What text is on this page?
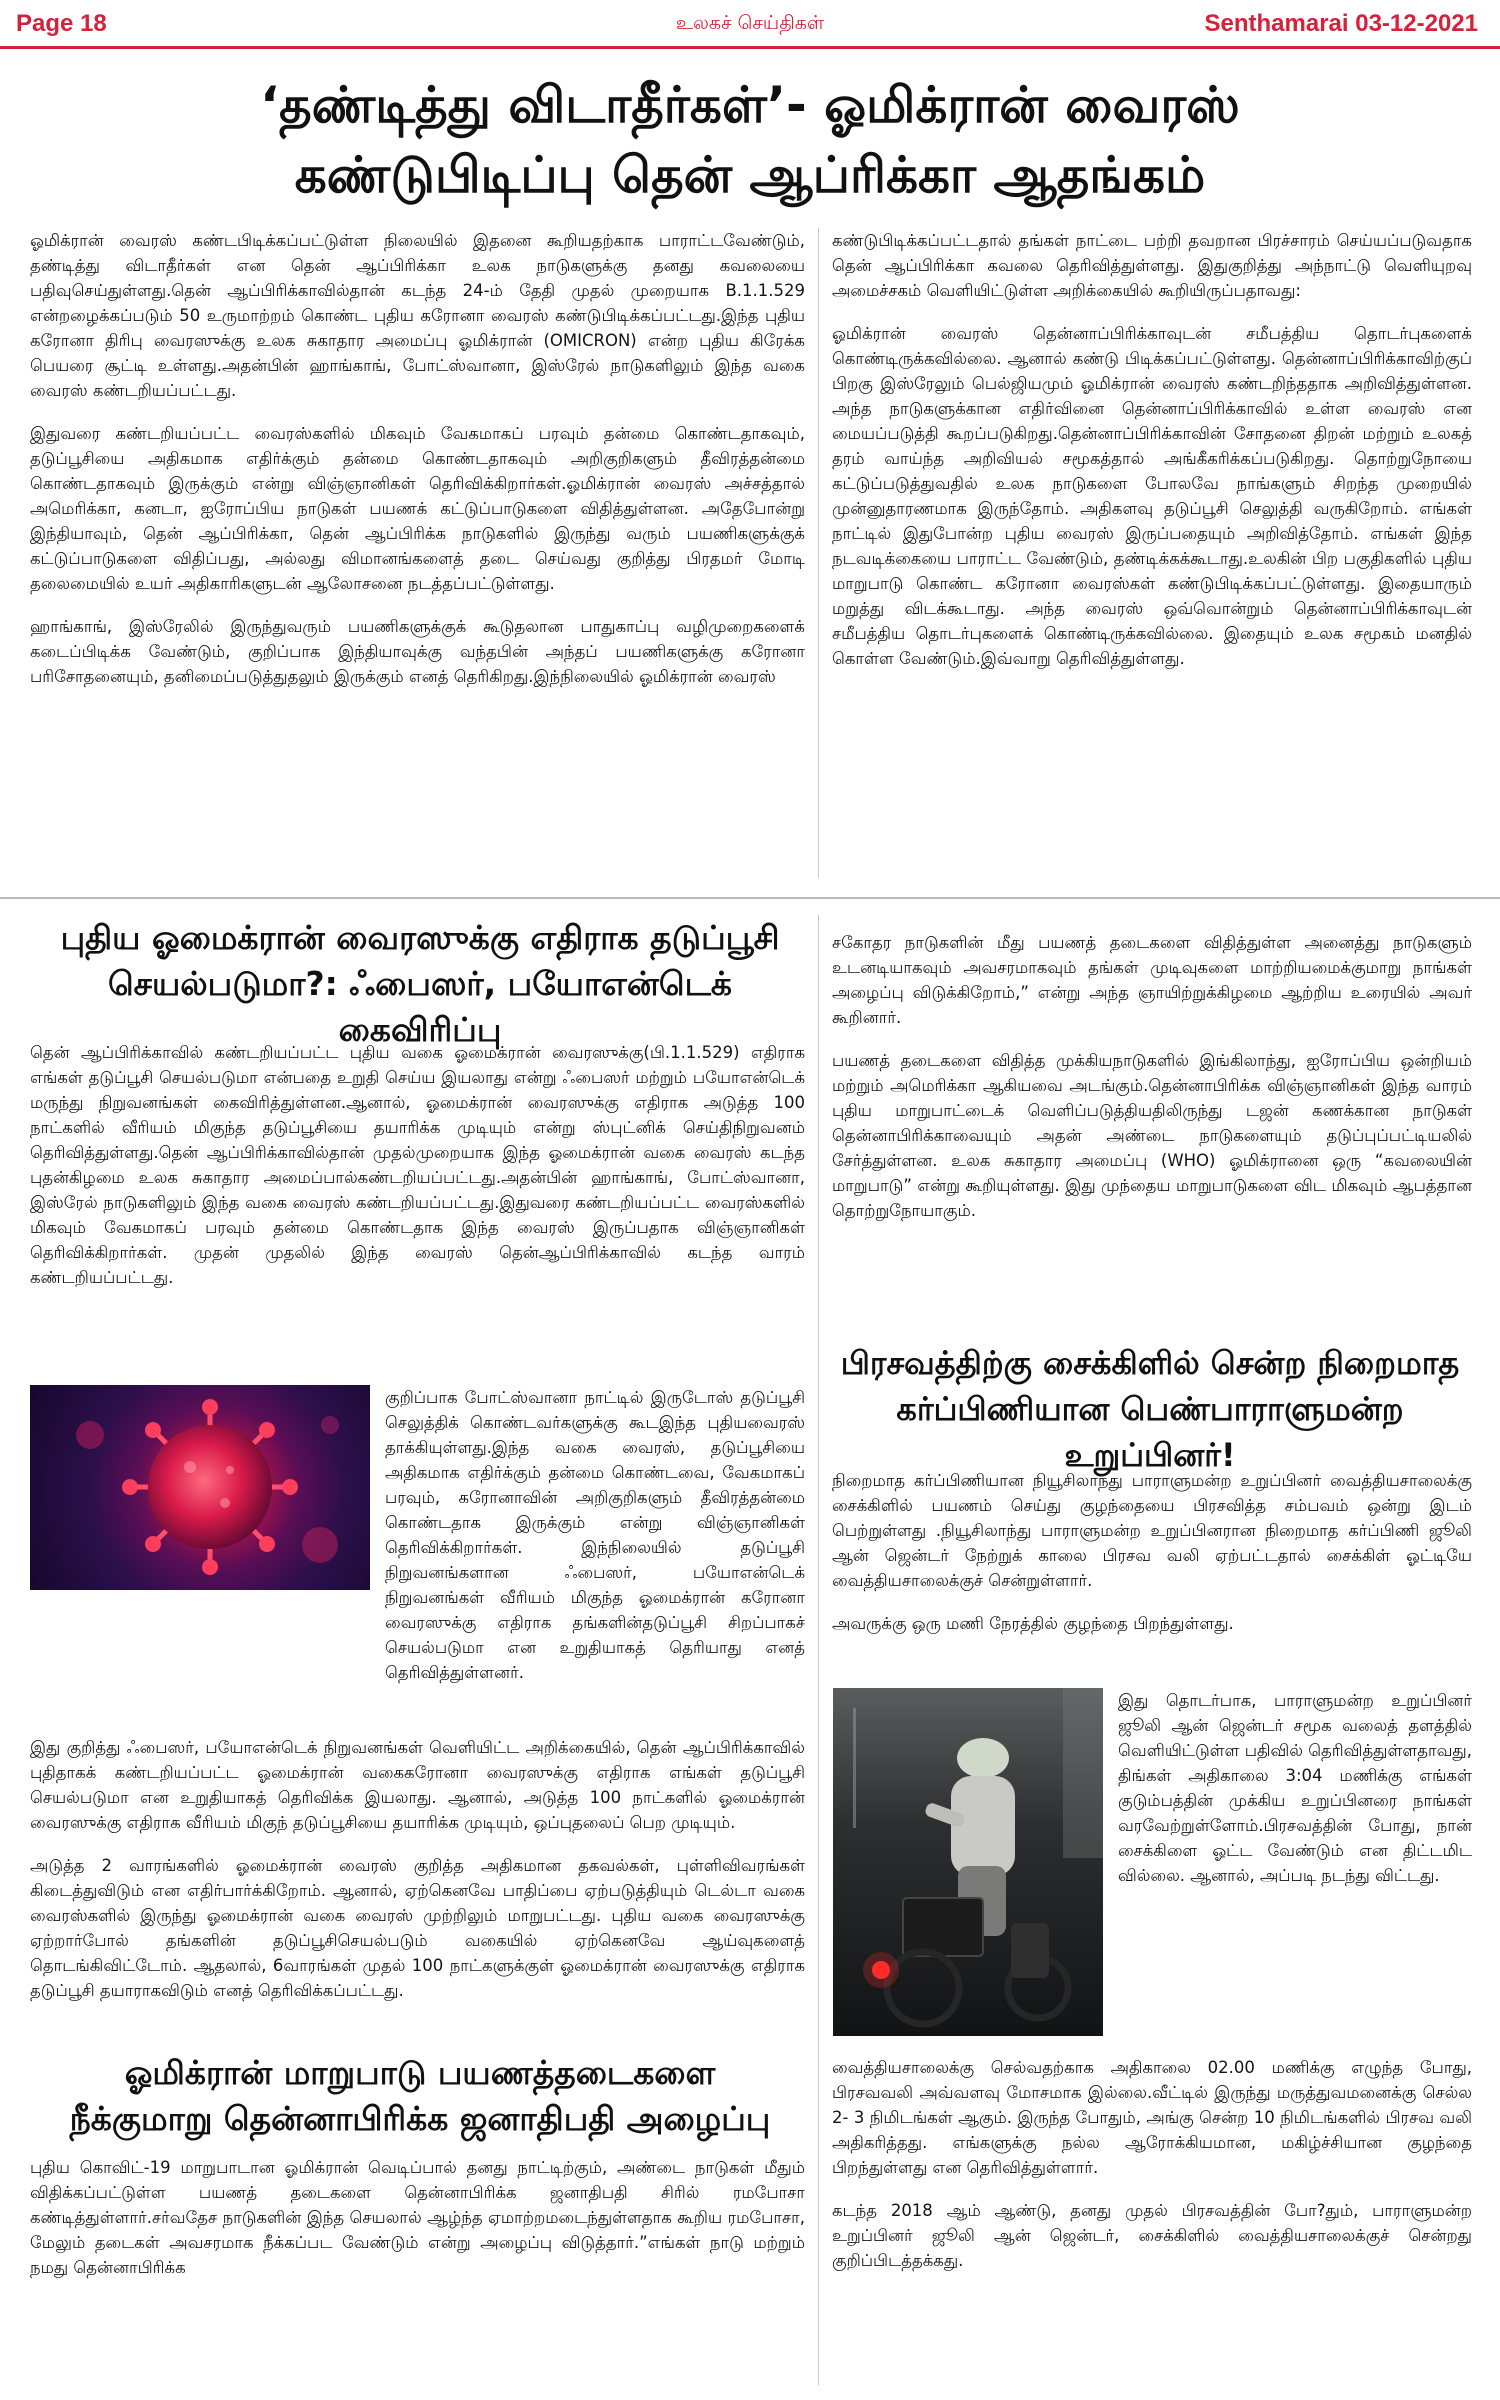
Page 18	உலகச் செய்திகள்	Senthamarai 03-12-2021
‘தண்டித்து விடாதீர்கள்’- ஓமிக்ரான் வைரஸ்
கண்டுபிடிப்பு தென் ஆப்ரிக்கா ஆதங்கம்

ஓமிக்ரான் வைரஸ் கண்டபிடிக்கப்பட்டுள்ள நிலையில் இதனை கூறியதற்காக பாராட்டவேண்டும், தண்டித்து விடாதீர்கள் என தென் ஆப்பிரிக்கா உலக நாடுகளுக்கு தனது கவலையை பதிவுசெய்துள்ளது.தென் ஆப்பிரிக்காவில்தான் கடந்த 24-ம் தேதி முதல் முறையாக B.1.1.529 என்றழைக்கப்படும் 50 உருமாற்றம் கொண்ட புதிய கரோனா வைரஸ் கண்டுபிடிக்கப்பட்டது.இந்த புதிய கரோனா திரிபு வைரஸுக்கு உலக சுகாதார அமைப்பு ஓமிக்ரான் (OMICRON) என்ற புதிய கிரேக்க பெயரை சூட்டி உள்ளது.அதன்பின் ஹாங்காங், போட்ஸ்வானா, இஸ்ரேல் நாடுகளிலும் இந்த வகை வைரஸ் கண்டறியப்பட்டது.

இதுவரை கண்டறியப்பட்ட வைரஸ்களில் மிகவும் வேகமாகப் பரவும் தன்மை கொண்டதாகவும், தடுப்பூசியை அதிகமாக எதிர்க்கும் தன்மை கொண்டதாகவும் அறிகுறிகளும் தீவிரத்தன்மை கொண்டதாகவும் இருக்கும் என்று விஞ்ஞானிகள் தெரிவிக்கிறார்கள்.ஓமிக்ரான் வைரஸ் அச்சத்தால் அமெரிக்கா, கனடா, ஐரோப்பிய நாடுகள் பயணக் கட்டுப்பாடுகளை விதித்துள்ளன. அதேபோன்று இந்தியாவும், தென் ஆப்பிரிக்கா, தென் ஆப்பிரிக்க நாடுகளில் இருந்து வரும் பயணிகளுக்குக் கட்டுப்பாடுகளை விதிப்பது, அல்லது விமானங்களைத் தடை செய்வது குறித்து பிரதமர் மோடி தலைமையில் உயர் அதிகாரிகளுடன் ஆலோசனை நடத்தப்பட்டுள்ளது.

ஹாங்காங், இஸ்ரேலில் இருந்துவரும் பயணிகளுக்குக் கூடுதலான பாதுகாப்பு வழிமுறைகளைக் கடைப்பிடிக்க வேண்டும், குறிப்பாக இந்தியாவுக்கு வந்தபின் அந்தப் பயணிகளுக்கு கரோனா பரிசோதனையும், தனிமைப்படுத்துதலும் இருக்கும் எனத் தெரிகிறது.இந்நிலையில் ஓமிக்ரான் வைரஸ்

கண்டுபிடிக்கப்பட்டதால் தங்கள் நாட்டை பற்றி தவறான பிரச்சாரம் செய்யப்படுவதாக தென் ஆப்பிரிக்கா கவலை தெரிவித்துள்ளது. இதுகுறித்து அந்நாட்டு வெளியுறவு அமைச்சகம் வெளியிட்டுள்ள அறிக்கையில் கூறியிருப்பதாவது:

ஓமிக்ரான் வைரஸ் தென்னாப்பிரிக்காவுடன் சமீபத்திய தொடர்புகளைக் கொண்டிருக்கவில்லை. ஆனால் கண்டு பிடிக்கப்பட்டுள்ளது. தென்னாப்பிரிக்காவிற்குப் பிறகு இஸ்ரேலும் பெல்ஜியமும் ஓமிக்ரான் வைரஸ் கண்டறிந்ததாக அறிவித்துள்ளன. அந்த நாடுகளுக்கான எதிர்வினை தென்னாப்பிரிக்காவில் உள்ள வைரஸ் என மையப்படுத்தி கூறப்படுகிறது.தென்னாப்பிரிக்காவின் சோதனை திறன் மற்றும் உலகத் தரம் வாய்ந்த அறிவியல் சமூகத்தால் அங்கீகரிக்கப்படுகிறது. தொற்றுநோயை கட்டுப்படுத்துவதில் உலக நாடுகளை போலவே நாங்களும் சிறந்த முறையில் முன்னுதாரணமாக இருந்தோம். அதிகளவு தடுப்பூசி செலுத்தி வருகிறோம். எங்கள் நாட்டில் இதுபோன்ற புதிய வைரஸ் இருப்பதையும் அறிவித்தோம். எங்கள் இந்த நடவடிக்கையை பாராட்ட வேண்டும், தண்டிக்கக்கூடாது.உலகின் பிற பகுதிகளில் புதிய மாறுபாடு கொண்ட கரோனா வைரஸ்கள் கண்டுபிடிக்கப்பட்டுள்ளது. இதையாரும் மறுத்து விடக்கூடாது. அந்த வைரஸ் ஒவ்வொன்றும் தென்னாப்பிரிக்காவுடன் சமீபத்திய தொடர்புகளைக் கொண்டிருக்கவில்லை. இதையும் உலக சமூகம் மனதில் கொள்ள வேண்டும்.இவ்வாறு தெரிவித்துள்ளது.

புதிய ஓமைக்ரான் வைரஸுக்கு எதிராக தடுப்பூசி
செயல்படுமா?: ஃபைஸர், பயோஎன்டெக் கைவிரிப்பு

தென் ஆப்பிரிக்காவில் கண்டறியப்பட்ட புதிய வகை ஓமைக்ரான் வைரஸுக்கு(பி.1.1.529) எதிராக எங்கள் தடுப்பூசி செயல்படுமா என்பதை உறுதி செய்ய இயலாது என்று ஃபைஸர் மற்றும் பயோஎன்டெக் மருந்து நிறுவனங்கள் கைவிரித்துள்ளன.ஆனால், ஓமைக்ரான் வைரஸுக்கு எதிராக அடுத்த 100 நாட்களில் வீரியம் மிகுந்த தடுப்பூசியை தயாரிக்க முடியும் என்று ஸ்புட்னிக் செய்திநிறுவனம் தெரிவித்துள்ளது.தென் ஆப்பிரிக்காவில்தான் முதல்முறையாக இந்த ஓமைக்ரான் வகை வைரஸ் கடந்த புதன்கிழமை உலக சுகாதார அமைப்பால்கண்டறியப்பட்டது.அதன்பின் ஹாங்காங், போட்ஸ்வானா, இஸ்ரேல் நாடுகளிலும் இந்த வகை வைரஸ் கண்டறியப்பட்டது.இதுவரை கண்டறியப்பட்ட வைரஸ்களில் மிகவும் வேகமாகப் பரவும் தன்மை கொண்டதாக இந்த வைரஸ் இருப்பதாக விஞ்ஞானிகள் தெரிவிக்கிறார்கள். முதன் முதலில் இந்த வைரஸ் தென்ஆப்பிரிக்காவில் கடந்த வாரம் கண்டறியப்பட்டது.

குறிப்பாக போட்ஸ்வானா நாட்டில் இருடோஸ் தடுப்பூசி செலுத்திக் கொண்டவர்களுக்கு கூடஇந்த புதியவைரஸ் தாக்கியுள்ளது.இந்த வகை வைரஸ், தடுப்பூசியை அதிகமாக எதிர்க்கும் தன்மை கொண்டவை, வேகமாகப் பரவும், கரோனாவின் அறிகுறிகளும் தீவிரத்தன்மை கொண்டதாக இருக்கும் என்று விஞ்ஞானிகள் தெரிவிக்கிறார்கள். இந்நிலையில் தடுப்பூசி நிறுவனங்களான ஃபைஸர், பயோஎன்டெக் நிறுவனங்கள் வீரியம் மிகுந்த ஓமைக்ரான் கரோனா வைரஸுக்கு எதிராக தங்களின்தடுப்பூசி சிறப்பாகச் செயல்படுமா என உறுதியாகத் தெரியாது எனத் தெரிவித்துள்ளனர்.

இது குறித்து ஃபைஸர், பயோஎன்டெக் நிறுவனங்கள் வெளியிட்ட அறிக்கையில், தென் ஆப்பிரிக்காவில் புதிதாகக் கண்டறியப்பட்ட ஓமைக்ரான் வகைகரோனா வைரஸுக்கு எதிராக எங்கள் தடுப்பூசி செயல்படுமா என உறுதியாகத் தெரிவிக்க இயலாது. ஆனால், அடுத்த 100 நாட்களில் ஓமைக்ரான் வைரஸுக்கு எதிராக வீரியம் மிகுந் தடுப்பூசியை தயாரிக்க முடியும், ஒப்புதலைப் பெற முடியும்.

அடுத்த 2 வாரங்களில் ஓமைக்ரான் வைரஸ் குறித்த அதிகமான தகவல்கள், புள்ளிவிவரங்கள் கிடைத்துவிடும் என எதிர்பார்க்கிறோம். ஆனால், ஏற்கெனவே பாதிப்பை ஏற்படுத்தியும் டெல்டா வகை வைரஸ்களில் இருந்து ஓமைக்ரான் வகை வைரஸ் முற்றிலும் மாறுபட்டது. புதிய வகை வைரஸுக்கு ஏற்றார்போல் தங்களின் தடுப்பூசிசெயல்படும் வகையில் ஏற்கெனவே ஆய்வுகளைத் தொடங்கிவிட்டோம். ஆதலால், 6வாரங்கள் முதல் 100 நாட்களுக்குள் ஓமைக்ரான் வைரஸுக்கு எதிராக தடுப்பூசி தயாராகவிடும் எனத் தெரிவிக்கப்பட்டது.

ஓமிக்ரான் மாறுபாடு பயணத்தடைகளை
நீக்குமாறு தென்னாபிரிக்க ஜனாதிபதி அழைப்பு

புதிய கொவிட்-19 மாறுபாடான ஓமிக்ரான் வெடிப்பால் தனது நாட்டிற்கும், அண்டை நாடுகள் மீதும் விதிக்கப்பட்டுள்ள பயணத் தடைகளை தென்னாபிரிக்க ஜனாதிபதி சிரில் ரமபோசா கண்டித்துள்ளார்.சர்வதேச நாடுகளின் இந்த செயலால் ஆழ்ந்த ஏமாற்றமடைந்துள்ளதாக கூறிய ரமபோசா, மேலும் தடைகள் அவசரமாக நீக்கப்பட வேண்டும் என்று அழைப்பு விடுத்தார்.”எங்கள் நாடு மற்றும் நமது தென்னாபிரிக்க

சகோதர நாடுகளின் மீது பயணத் தடைகளை விதித்துள்ள அனைத்து நாடுகளும் உடனடியாகவும் அவசரமாகவும் தங்கள் முடிவுகளை மாற்றியமைக்குமாறு நாங்கள் அழைப்பு விடுக்கிறோம்,” என்று அந்த ஞாயிற்றுக்கிழமை ஆற்றிய உரையில் அவர் கூறினார்.

பயணத் தடைகளை விதித்த முக்கியநாடுகளில் இங்கிலாந்து, ஐரோப்பிய ஒன்றியம் மற்றும் அமெரிக்கா ஆகியவை அடங்கும்.தென்னாபிரிக்க விஞ்ஞானிகள் இந்த வாரம் புதிய மாறுபாட்டைக் வெளிப்படுத்தியதிலிருந்து டஜன் கணக்கான நாடுகள் தென்னாபிரிக்காவையும் அதன் அண்டை நாடுகளையும் தடுப்புப்பட்டியலில் சேர்த்துள்ளன. உலக சுகாதார அமைப்பு (WHO) ஓமிக்ரானை ஒரு “கவலையின் மாறுபாடு” என்று கூறியுள்ளது. இது முந்தைய மாறுபாடுகளை விட மிகவும் ஆபத்தான தொற்றுநோயாகும்.

பிரசவத்திற்கு சைக்கிளில் சென்ற நிறைமாத
கர்ப்பிணியான பெண்பாராளுமன்ற உறுப்பினர்!

நிறைமாத கர்ப்பிணியான நியூசிலாந்து பாராளுமன்ற உறுப்பினர் வைத்தியசாலைக்கு சைக்கிளில் பயணம் செய்து குழந்தையை பிரசவித்த சம்பவம் ஒன்று இடம் பெற்றுள்ளது .நியூசிலாந்து பாராளுமன்ற உறுப்பினரான நிறைமாத கர்ப்பிணி ஜூலி ஆன் ஜென்டர் நேற்றுக் காலை பிரசவ வலி ஏற்பட்டதால் சைக்கிள் ஓட்டியே வைத்தியசாலைக்குச் சென்றுள்ளார்.

அவருக்கு ஒரு மணி நேரத்தில் குழந்தை பிறந்துள்ளது.

இது தொடர்பாக, பாராளுமன்ற உறுப்பினர் ஜூலி ஆன் ஜென்டர் சமூக வலைத் தளத்தில் வெளியிட்டுள்ள பதிவில் தெரிவித்துள்ளதாவது, திங்கள் அதிகாலை 3:04 மணிக்கு எங்கள் குடும்பத்தின் முக்கிய உறுப்பினரை நாங்கள் வரவேற்றுள்ளோம்.பிரசவத்தின் போது, நான் சைக்கிளை ஓட்ட வேண்டும் என திட்டமிட வில்லை. ஆனால், அப்படி நடந்து விட்டது.

வைத்தியசாலைக்கு செல்வதற்காக அதிகாலை 02.00 மணிக்கு எழுந்த போது, பிரசவவலி அவ்வளவு மோசமாக இல்லை.வீட்டில் இருந்து மருத்துவமனைக்கு செல்ல 2- 3 நிமிடங்கள் ஆகும். இருந்த போதும், அங்கு சென்ற 10 நிமிடங்களில் பிரசவ வலி அதிகரித்தது. எங்களுக்கு நல்ல ஆரோக்கியமான, மகிழ்ச்சியான குழந்தை பிறந்துள்ளது என தெரிவித்துள்ளார்.

கடந்த 2018 ஆம் ஆண்டு, தனது முதல் பிரசவத்தின் போ?தும், பாராளுமன்ற உறுப்பினர் ஜூலி ஆன் ஜென்டர், சைக்கிளில் வைத்தியசாலைக்குச் சென்றது குறிப்பிடத்தக்கது.
